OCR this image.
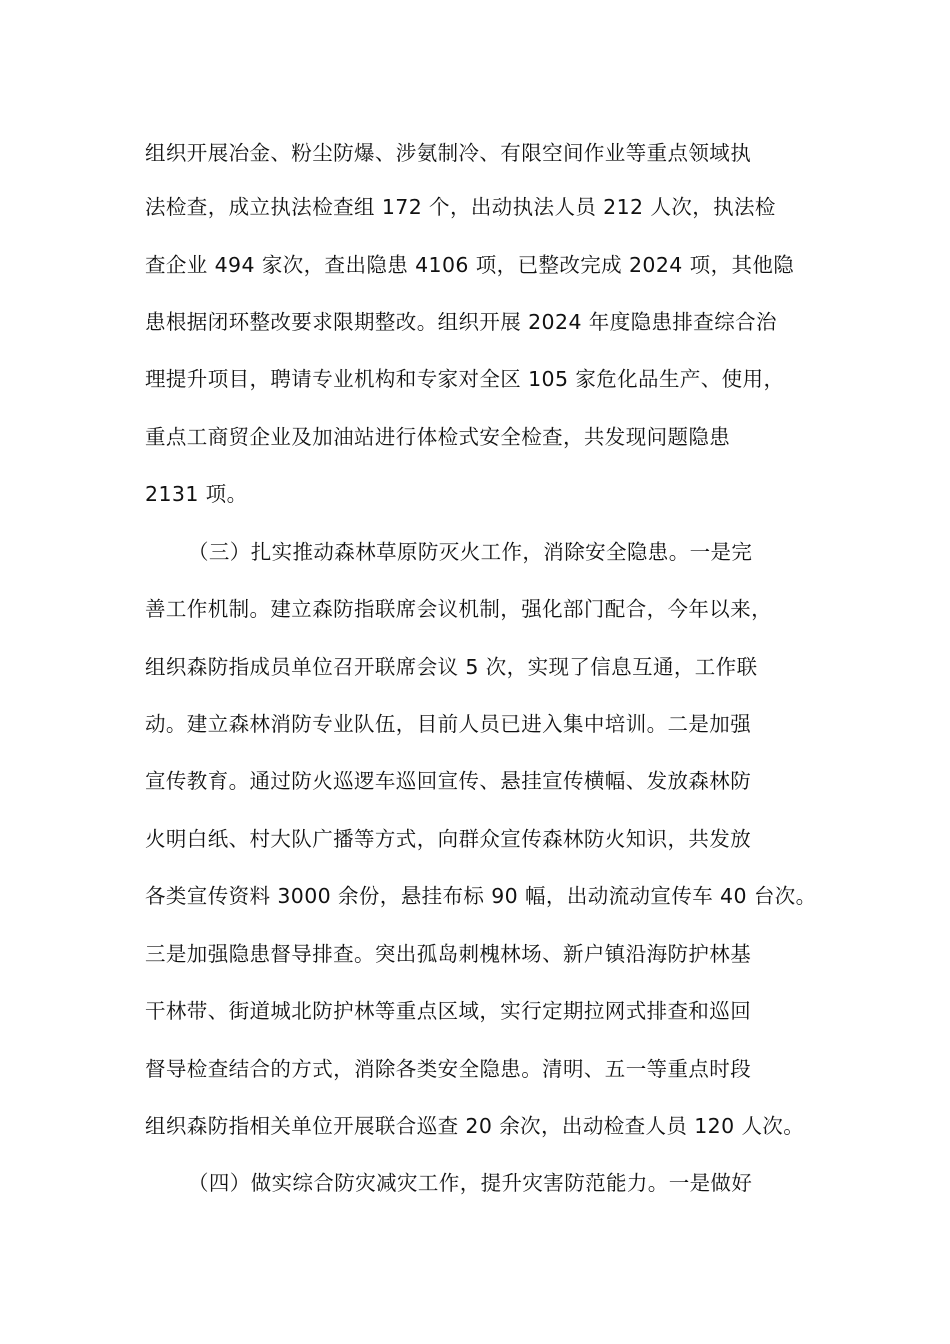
组织开展冶金、粉尘防爆、涉氨制冷、有限空间作业等重点领域执
法检查，成立执法检查组 172 个，出动执法人员 212 人次，执法检
查企业 494 家次，查出隐患 4106 项，已整改完成 2024 项，其他隐
患根据闭环整改要求限期整改。组织开展 2024 年度隐患排查综合治
理提升项目，聘请专业机构和专家对全区 105 家危化品生产、使用，
重点工商贸企业及加油站进行体检式安全检查，共发现问题隐患
2131 项。
（三）扎实推动森林草原防灭火工作，消除安全隐患。一是完
善工作机制。建立森防指联席会议机制，强化部门配合，今年以来，
组织森防指成员单位召开联席会议 5 次，实现了信息互通，工作联
动。建立森林消防专业队伍，目前人员已进入集中培训。二是加强
宣传教育。通过防火巡逻车巡回宣传、悬挂宣传横幅、发放森林防
火明白纸、村大队广播等方式，向群众宣传森林防火知识，共发放
各类宣传资料 3000 余份，悬挂布标 90 幅，出动流动宣传车 40 台次。
三是加强隐患督导排查。突出孤岛刺槐林场、新户镇沿海防护林基
干林带、街道城北防护林等重点区域，实行定期拉网式排查和巡回
督导检查结合的方式，消除各类安全隐患。清明、五一等重点时段
组织森防指相关单位开展联合巡查 20 余次，出动检查人员 120 人次。
（四）做实综合防灾减灾工作，提升灾害防范能力。一是做好
